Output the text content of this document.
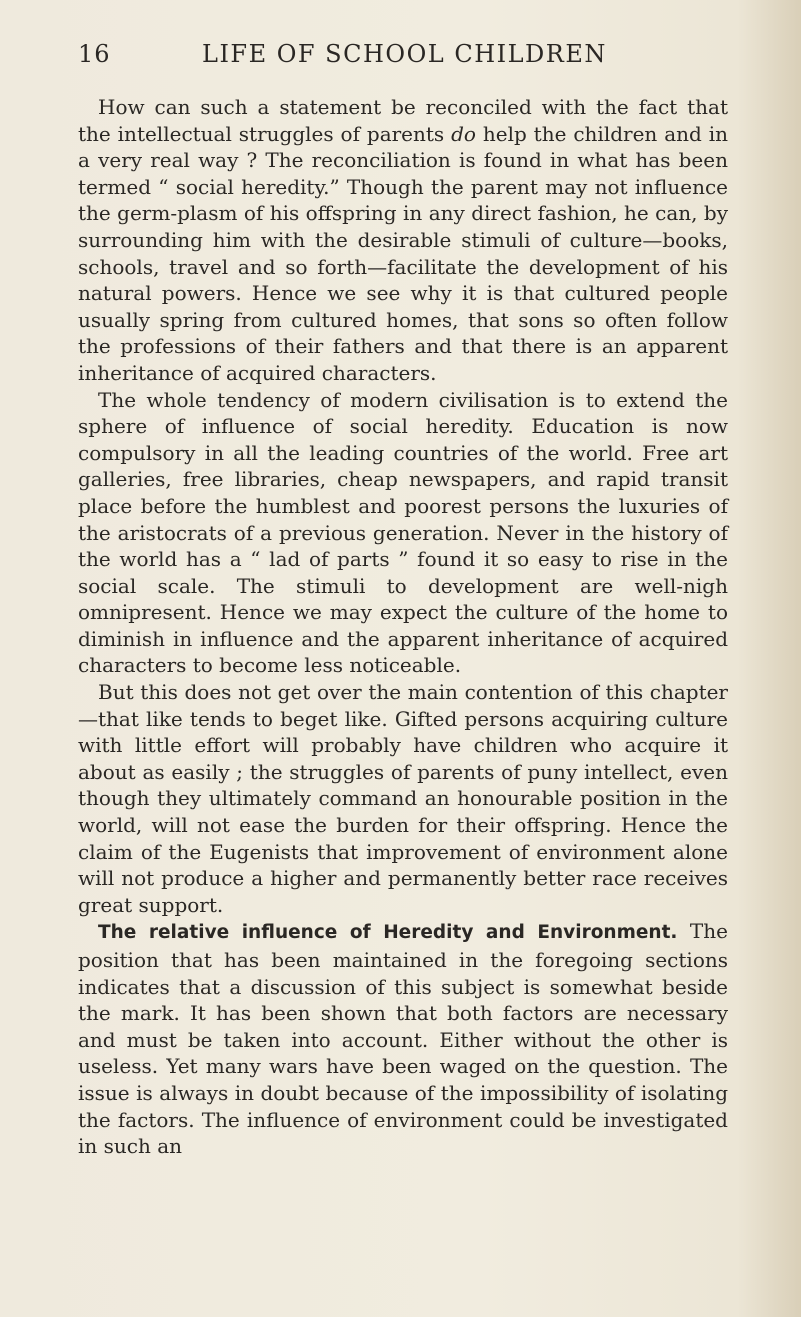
16	LIFE OF SCHOOL CHILDREN

How can such a statement be reconciled with the fact that the intellectual struggles of parents do help the children and in a very real way ? The reconciliation is found in what has been termed “ social heredity.” Though the parent may not influence the germ-plasm of his offspring in any direct fashion, he can, by surrounding him with the desirable stimuli of culture—books, schools, travel and so forth—facilitate the development of his natural powers. Hence we see why it is that cultured people usually spring from cultured homes, that sons so often follow the professions of their fathers and that there is an apparent inheritance of acquired characters.

The whole tendency of modern civilisation is to extend the sphere of influence of social heredity. Education is now compulsory in all the leading countries of the world. Free art galleries, free libraries, cheap newspapers, and rapid transit place before the humblest and poorest persons the luxuries of the aristocrats of a previous generation. Never in the history of the world has a “ lad of parts ” found it so easy to rise in the social scale. The stimuli to development are well-nigh omnipresent. Hence we may expect the culture of the home to diminish in influence and the apparent inheritance of acquired characters to become less noticeable.

But this does not get over the main contention of this chapter—that like tends to beget like. Gifted persons acquiring culture with little effort will probably have children who acquire it about as easily ; the struggles of parents of puny intellect, even though they ultimately command an honourable position in the world, will not ease the burden for their offspring. Hence the claim of the Eugenists that improvement of environment alone will not produce a higher and permanently better race receives great support.

The relative influence of Heredity and Environment. The position that has been maintained in the foregoing sections indicates that a discussion of this subject is somewhat beside the mark. It has been shown that both factors are necessary and must be taken into account. Either without the other is useless. Yet many wars have been waged on the question. The issue is always in doubt because of the impossibility of isolating the factors. The influence of environment could be investigated in such an
